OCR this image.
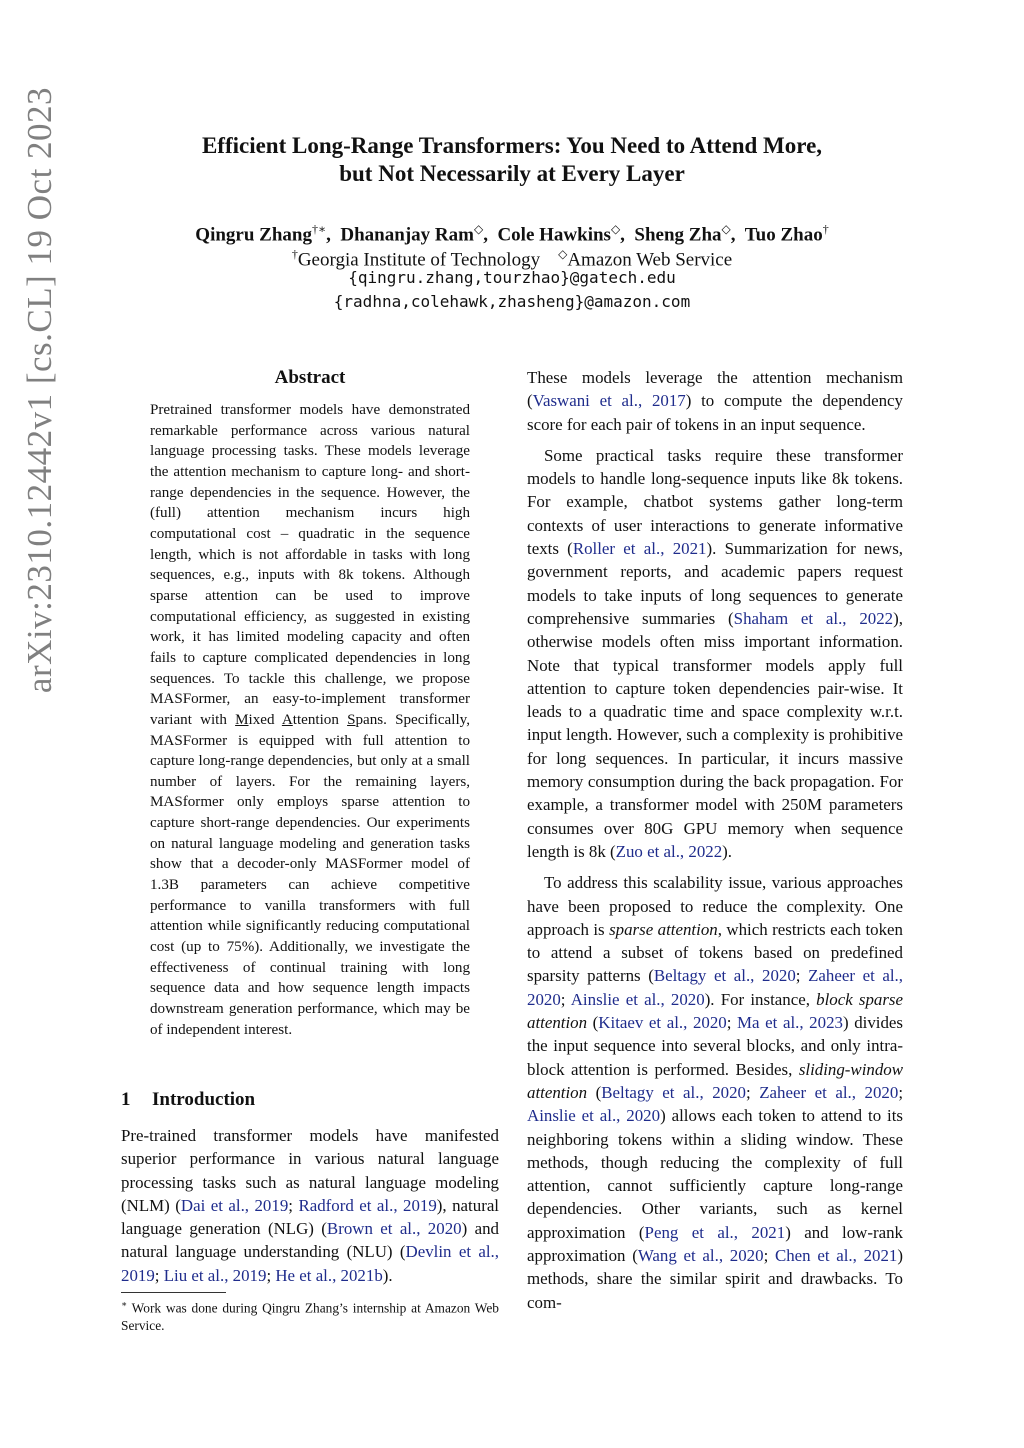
arXiv:2310.12442v1 [cs.CL] 19 Oct 2023	Efficient Long-Range Transformers: You Need to Attend More,
but Not Necessarily at Every Layer
Qingru Zhang†∗,  Dhananjay Ram◇,  Cole Hawkins◇,  Sheng Zha◇,  Tuo Zhao†
†Georgia Institute of Technology ◇Amazon Web Service
{qingru.zhang,tourzhao}@gatech.edu
{radhna,colehawk,zhasheng}@amazon.com
Abstract
Pretrained transformer models have demonstrated remarkable performance across various natural language processing tasks. These models leverage the attention mechanism to capture long- and short-range dependencies in the sequence. However, the (full) attention mechanism incurs high computational cost – quadratic in the sequence length, which is not affordable in tasks with long sequences, e.g., inputs with 8k tokens. Although sparse attention can be used to improve computational efficiency, as suggested in existing work, it has limited modeling capacity and often fails to capture complicated dependencies in long sequences. To tackle this challenge, we propose MASFormer, an easy-to-implement transformer variant with Mixed Attention Spans. Specifically, MASFormer is equipped with full attention to capture long-range dependencies, but only at a small number of layers. For the remaining layers, MASformer only employs sparse attention to capture short-range dependencies. Our experiments on natural language modeling and generation tasks show that a decoder-only MASFormer model of 1.3B parameters can achieve competitive performance to vanilla transformers with full attention while significantly reducing computational cost (up to 75%). Additionally, we investigate the effectiveness of continual training with long sequence data and how sequence length impacts downstream generation performance, which may be of independent interest.
1 Introduction
Pre-trained transformer models have manifested superior performance in various natural language processing tasks such as natural language modeling (NLM) (Dai et al., 2019; Radford et al., 2019), natural language generation (NLG) (Brown et al., 2020) and natural language understanding (NLU) (Devlin et al., 2019; Liu et al., 2019; He et al., 2021b).
∗ Work was done during Qingru Zhang’s internship at Amazon Web Service.

These models leverage the attention mechanism (Vaswani et al., 2017) to compute the dependency score for each pair of tokens in an input sequence.

Some practical tasks require these transformer models to handle long-sequence inputs like 8k tokens. For example, chatbot systems gather long-term contexts of user interactions to generate informative texts (Roller et al., 2021). Summarization for news, government reports, and academic papers request models to take inputs of long sequences to generate comprehensive summaries (Shaham et al., 2022), otherwise models often miss important information. Note that typical transformer models apply full attention to capture token dependencies pair-wise. It leads to a quadratic time and space complexity w.r.t. input length. However, such a complexity is prohibitive for long sequences. In particular, it incurs massive memory consumption during the back propagation. For example, a transformer model with 250M parameters consumes over 80G GPU memory when sequence length is 8k (Zuo et al., 2022).

To address this scalability issue, various approaches have been proposed to reduce the complexity. One approach is sparse attention, which restricts each token to attend a subset of tokens based on predefined sparsity patterns (Beltagy et al., 2020; Zaheer et al., 2020; Ainslie et al., 2020). For instance, block sparse attention (Kitaev et al., 2020; Ma et al., 2023) divides the input sequence into several blocks, and only intra-block attention is performed. Besides, sliding-window attention (Beltagy et al., 2020; Zaheer et al., 2020; Ainslie et al., 2020) allows each token to attend to its neighboring tokens within a sliding window. These methods, though reducing the complexity of full attention, cannot sufficiently capture long-range dependencies. Other variants, such as kernel approximation (Peng et al., 2021) and low-rank approximation (Wang et al., 2020; Chen et al., 2021) methods, share the similar spirit and drawbacks. To com-
